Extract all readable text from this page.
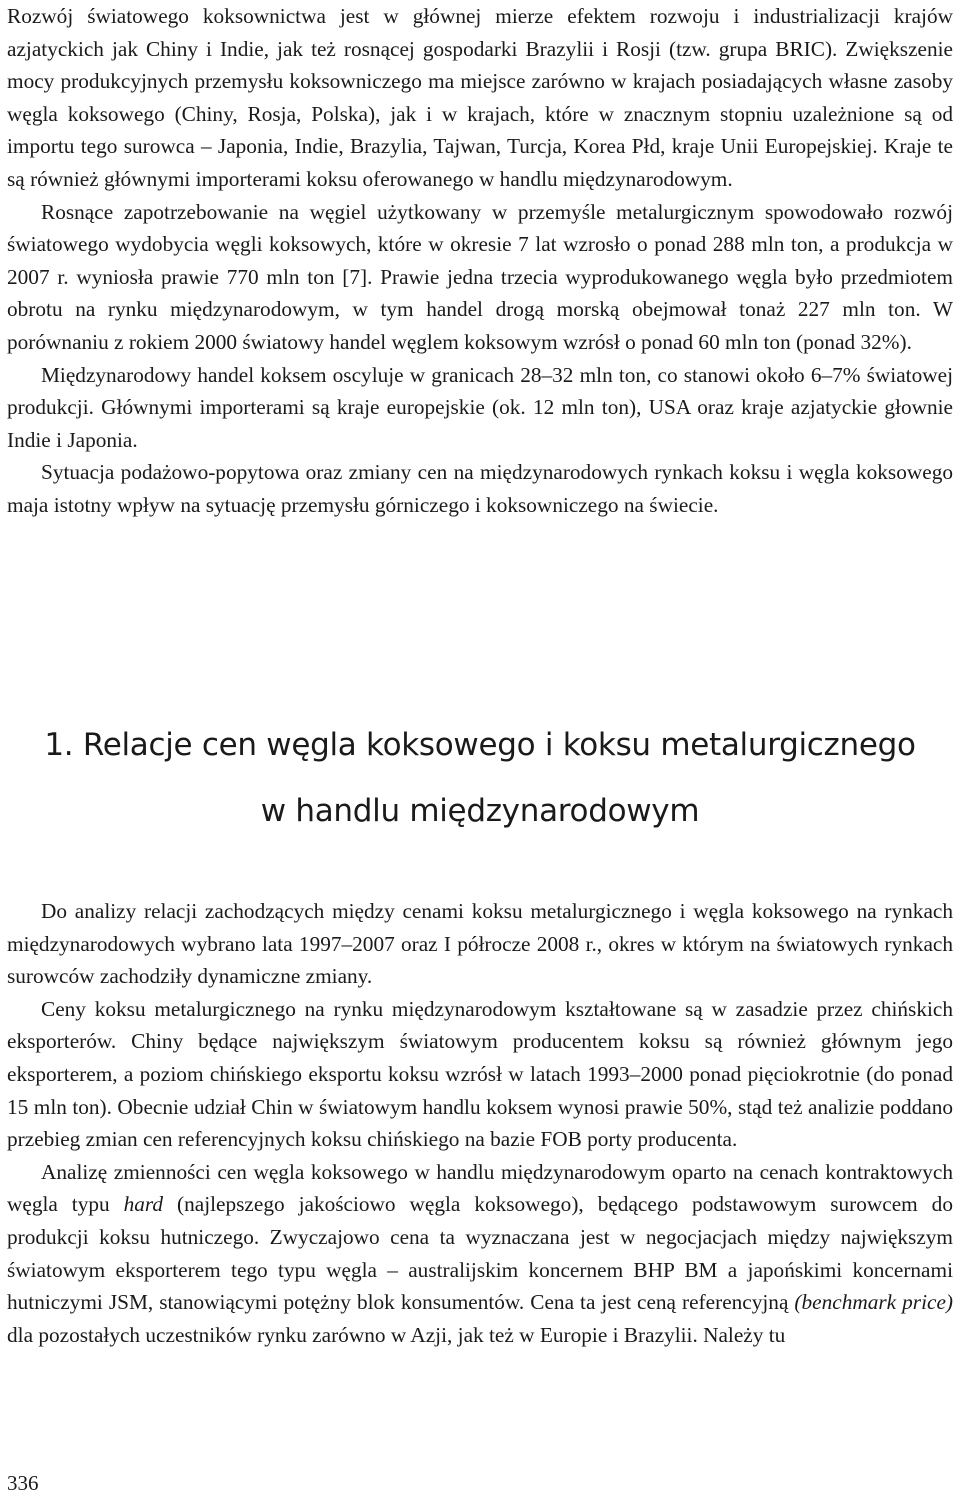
Rozwój światowego koksownictwa jest w głównej mierze efektem rozwoju i industrializacji krajów azjatyckich jak Chiny i Indie, jak też rosnącej gospodarki Brazylii i Rosji (tzw. grupa BRIC). Zwiększenie mocy produkcyjnych przemysłu koksowniczego ma miejsce zarówno w krajach posiadających własne zasoby węgla koksowego (Chiny, Rosja, Polska), jak i w krajach, które w znacznym stopniu uzależnione są od importu tego surowca – Japonia, Indie, Brazylia, Tajwan, Turcja, Korea Płd, kraje Unii Europejskiej. Kraje te są również głównymi importerami koksu oferowanego w handlu międzynarodowym.

Rosnące zapotrzebowanie na węgiel użytkowany w przemyśle metalurgicznym spowodowało rozwój światowego wydobycia węgli koksowych, które w okresie 7 lat wzrosło o ponad 288 mln ton, a produkcja w 2007 r. wyniosła prawie 770 mln ton [7]. Prawie jedna trzecia wyprodukowanego węgla było przedmiotem obrotu na rynku międzynarodowym, w tym handel drogą morską obejmował tonaż 227 mln ton. W porównaniu z rokiem 2000 światowy handel węglem koksowym wzrósł o ponad 60 mln ton (ponad 32%).

Międzynarodowy handel koksem oscyluje w granicach 28–32 mln ton, co stanowi około 6–7% światowej produkcji. Głównymi importerami są kraje europejskie (ok. 12 mln ton), USA oraz kraje azjatyckie głownie Indie i Japonia.

Sytuacja podażowo-popytowa oraz zmiany cen na międzynarodowych rynkach koksu i węgla koksowego maja istotny wpływ na sytuację przemysłu górniczego i koksowniczego na świecie.

1. Relacje cen węgla koksowego i koksu metalurgicznego
w handlu międzynarodowym

Do analizy relacji zachodzących między cenami koksu metalurgicznego i węgla koksowego na rynkach międzynarodowych wybrano lata 1997–2007 oraz I półrocze 2008 r., okres w którym na światowych rynkach surowców zachodziły dynamiczne zmiany.

Ceny koksu metalurgicznego na rynku międzynarodowym kształtowane są w zasadzie przez chińskich eksporterów. Chiny będące największym światowym producentem koksu są również głównym jego eksporterem, a poziom chińskiego eksportu koksu wzrósł w latach 1993–2000 ponad pięciokrotnie (do ponad 15 mln ton). Obecnie udział Chin w światowym handlu koksem wynosi prawie 50%, stąd też analizie poddano przebieg zmian cen referencyjnych koksu chińskiego na bazie FOB porty producenta.

Analizę zmienności cen węgla koksowego w handlu międzynarodowym oparto na cenach kontraktowych węgla typu hard (najlepszego jakościowo węgla koksowego), będącego podstawowym surowcem do produkcji koksu hutniczego. Zwyczajowo cena ta wyznaczana jest w negocjacjach między największym światowym eksporterem tego typu węgla – australijskim koncernem BHP BM a japońskimi koncernami hutniczymi JSM, stanowiącymi potężny blok konsumentów. Cena ta jest ceną referencyjną (benchmark price) dla pozostałych uczestników rynku zarówno w Azji, jak też w Europie i Brazylii. Należy tu

336
